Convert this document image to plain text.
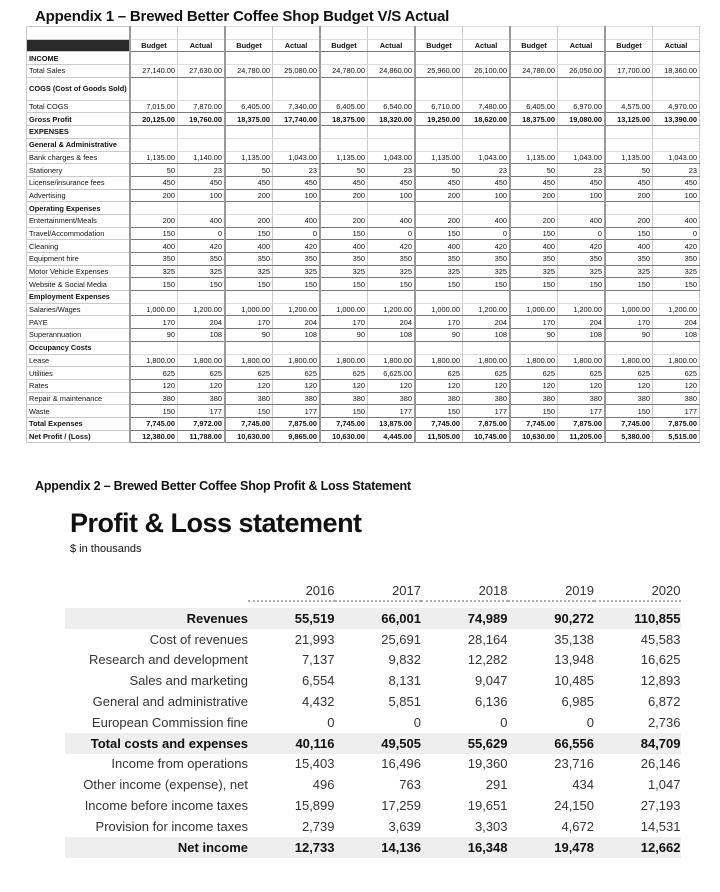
Appendix 1 – Brewed Better Coffee Shop Budget V/S Actual

	Budget	Actual	Budget	Actual	Budget	Actual	Budget	Actual	Budget	Actual	Budget	Actual
INCOME												
Total Sales	27,140.00	27,630.00	24,780.00	25,080.00	24,780.00	24,860.00	25,960.00	26,100.00	24,780.00	26,050.00	17,700.00	18,360.00
COGS (Cost of Goods Sold)												
Total COGS	7,015.00	7,870.00	6,405.00	7,340.00	6,405.00	6,540.00	6,710.00	7,480.00	6,405.00	6,970.00	4,575.00	4,970.00
Gross Profit	20,125.00	19,760.00	18,375.00	17,740.00	18,375.00	18,320.00	19,250.00	18,620.00	18,375.00	19,080.00	13,125.00	13,390.00
EXPENSES												
General & Administrative												
Bank charges & fees	1,135.00	1,140.00	1,135.00	1,043.00	1,135.00	1,043.00	1,135.00	1,043.00	1,135.00	1,043.00	1,135.00	1,043.00
Stationery	50	23	50	23	50	23	50	23	50	23	50	23
License/insurance fees	450	450	450	450	450	450	450	450	450	450	450	450
Advertising	200	100	200	100	200	100	200	100	200	100	200	100
Operating Expenses												
Entertainment/Meals	200	400	200	400	200	400	200	400	200	400	200	400
Travel/Accommodation	150	0	150	0	150	0	150	0	150	0	150	0
Cleaning	400	420	400	420	400	420	400	420	400	420	400	420
Equipment hire	350	350	350	350	350	350	350	350	350	350	350	350
Motor Vehicle Expenses	325	325	325	325	325	325	325	325	325	325	325	325
Website & Social Media	150	150	150	150	150	150	150	150	150	150	150	150
Employment Expenses												
Salaries/Wages	1,000.00	1,200.00	1,000.00	1,200.00	1,000.00	1,200.00	1,000.00	1,200.00	1,000.00	1,200.00	1,000.00	1,200.00
PAYE	170	204	170	204	170	204	170	204	170	204	170	204
Superannuation	90	108	90	108	90	108	90	108	90	108	90	108
Occupancy Costs												
Lease	1,800.00	1,800.00	1,800.00	1,800.00	1,800.00	1,800.00	1,800.00	1,800.00	1,800.00	1,800.00	1,800.00	1,800.00
Utilities	625	625	625	625	625	6,625.00	625	625	625	625	625	625
Rates	120	120	120	120	120	120	120	120	120	120	120	120
Repair & maintenance	380	380	380	380	380	380	380	380	380	380	380	380
Waste	150	177	150	177	150	177	150	177	150	177	150	177
Total Expenses	7,745.00	7,972.00	7,745.00	7,875.00	7,745.00	13,875.00	7,745.00	7,875.00	7,745.00	7,875.00	7,745.00	7,875.00
Net Profit / (Loss)	12,380.00	11,788.00	10,630.00	9,865.00	10,630.00	4,445.00	11,505.00	10,745.00	10,630.00	11,205.00	5,380.00	5,515.00
Appendix 2 – Brewed Better Coffee Shop Profit & Loss Statement
Profit & Loss statement
$ in thousands
	2016	2017	2018	2019	2020

Revenues	55,519	66,001	74,989	90,272	110,855
Cost of revenues	21,993	25,691	28,164	35,138	45,583
Research and development	7,137	9,832	12,282	13,948	16,625
Sales and marketing	6,554	8,131	9,047	10,485	12,893
General and administrative	4,432	5,851	6,136	6,985	6,872
European Commission fine	0	0	0	0	2,736
Total costs and expenses	40,116	49,505	55,629	66,556	84,709
Income from operations	15,403	16,496	19,360	23,716	26,146
Other income (expense), net	496	763	291	434	1,047
Income before income taxes	15,899	17,259	19,651	24,150	27,193
Provision for income taxes	2,739	3,639	3,303	4,672	14,531
Net income	12,733	14,136	16,348	19,478	12,662
